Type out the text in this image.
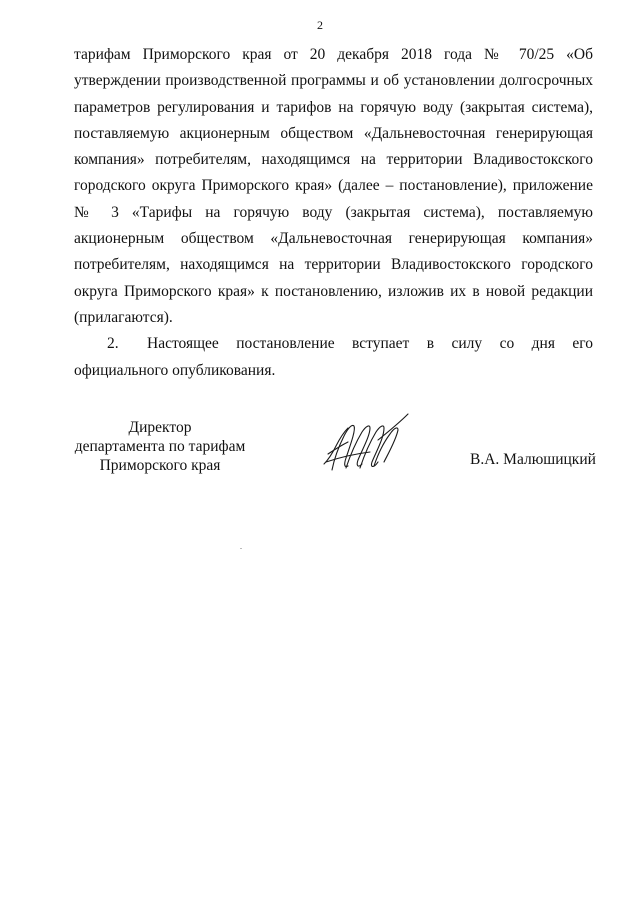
2

тарифам Приморского края от 20 декабря 2018 года № 70/25 «Об утверждении производственной программы и об установлении долгосрочных параметров регулирования и тарифов на горячую воду (закрытая система), поставляемую акционерным обществом «Дальневосточная генерирующая компания» потребителям, находящимся на территории Владивостокского городского округа Приморского края» (далее – постановление), приложение № 3 «Тарифы на горячую воду (закрытая система), поставляемую акционерным обществом «Дальневосточная генерирующая компания» потребителям, находящимся на территории Владивостокского городского округа Приморского края» к постановлению, изложив их в новой редакции (прилагаются).

2. Настоящее постановление вступает в силу со дня его официального опубликования.

Директор
департамента по тарифам
Приморского края	В.А. Малюшицкий
